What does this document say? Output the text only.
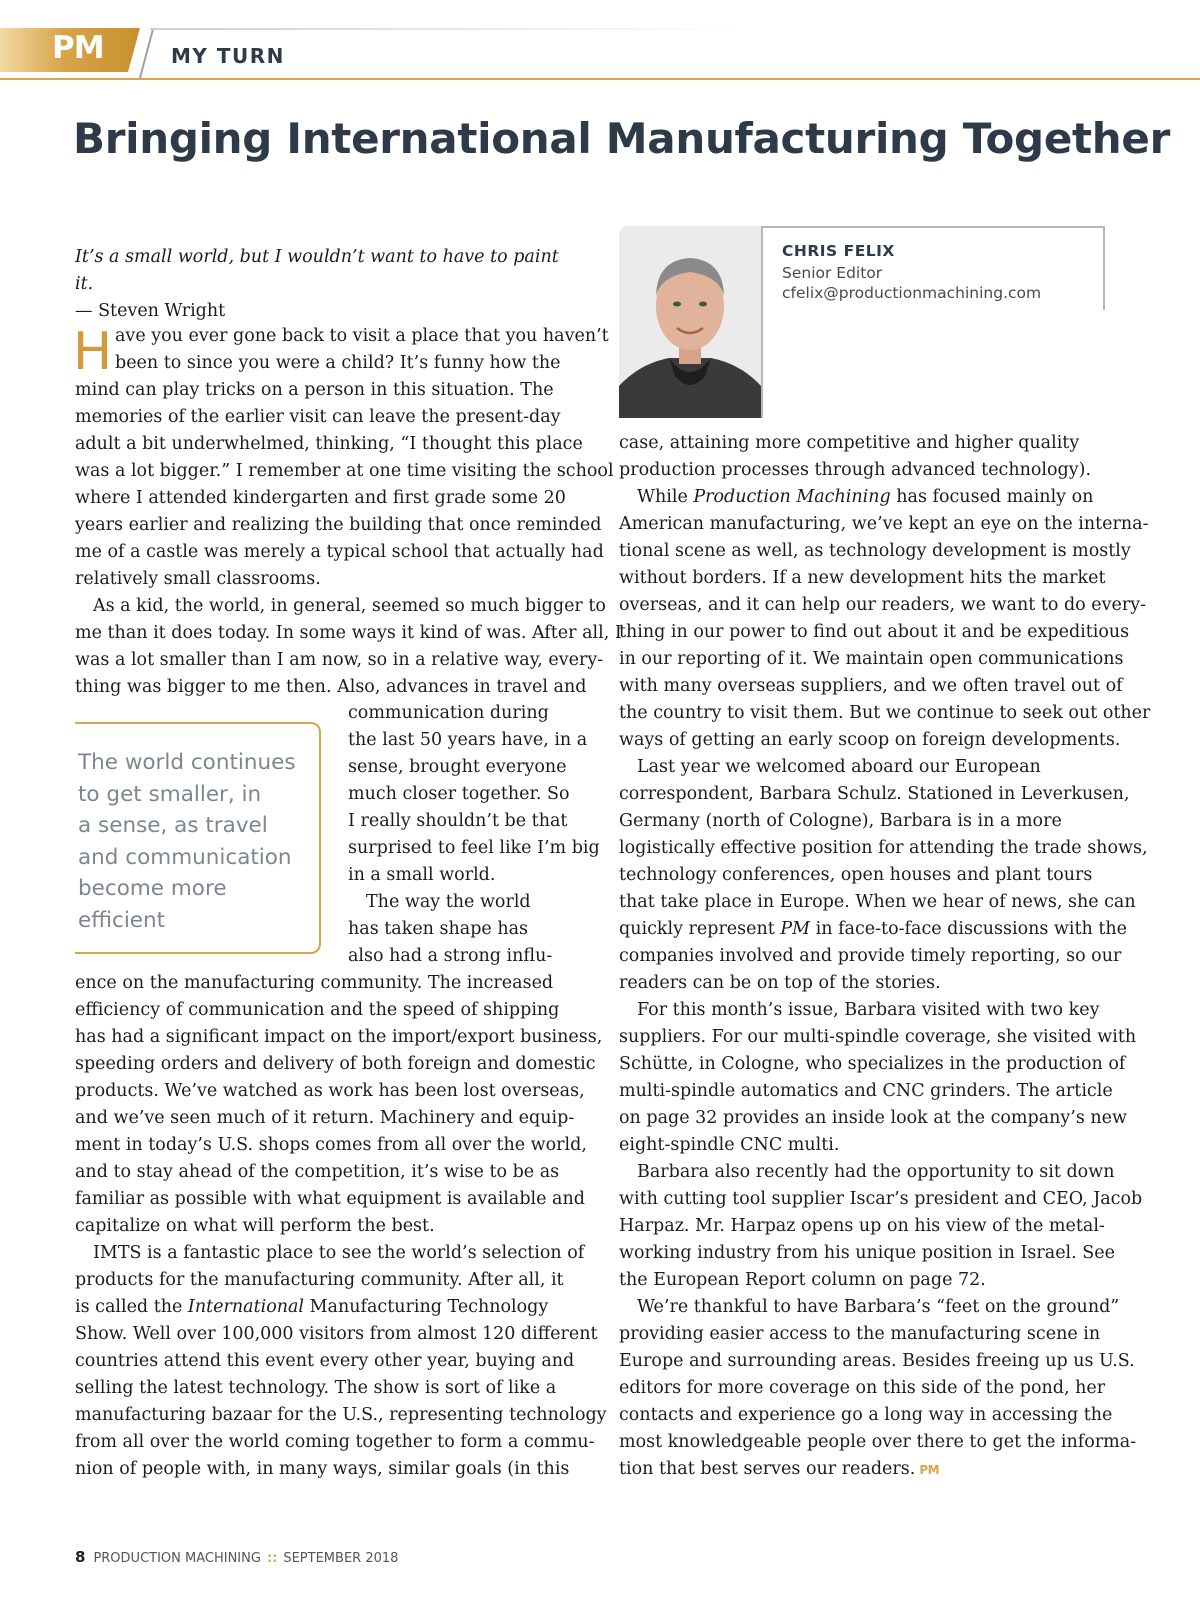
PM	MY TURN
Bringing International Manufacturing Together
It’s a small world, but I wouldn’t want to have to paint it.
— Steven Wright
H ave you ever gone back to visit a place that you haven’t

been to since you were a child? It’s funny how the

mind can play tricks on a person in this situation. The

memories of the earlier visit can leave the present-day

adult a bit underwhelmed, thinking, “I thought this place

was a lot bigger.” I remember at one time visiting the school

where I attended kindergarten and first grade some 20

years earlier and realizing the building that once reminded

me of a castle was merely a typical school that actually had

relatively small classrooms.

As a kid, the world, in general, seemed so much bigger to

me than it does today. In some ways it kind of was. After all, I

was a lot smaller than I am now, so in a relative way, every-

thing was bigger to me then. Also, advances in travel and

The world continues
to get smaller, in
a sense, as travel
and communication
become more
efficient

communication during

the last 50 years have, in a

sense, brought everyone

much closer together. So

I really shouldn’t be that

surprised to feel like I’m big

in a small world.

The way the world

has taken shape has

also had a strong influ-

ence on the manufacturing community. The increased

efficiency of communication and the speed of shipping

has had a significant impact on the import/export business,

speeding orders and delivery of both foreign and domestic

products. We’ve watched as work has been lost overseas,

and we’ve seen much of it return. Machinery and equip-

ment in today’s U.S. shops comes from all over the world,

and to stay ahead of the competition, it’s wise to be as

familiar as possible with what equipment is available and

capitalize on what will perform the best.

IMTS is a fantastic place to see the world’s selection of

products for the manufacturing community. After all, it

is called the International Manufacturing Technology

Show. Well over 100,000 visitors from almost 120 different

countries attend this event every other year, buying and

selling the latest technology. The show is sort of like a

manufacturing bazaar for the U.S., representing technology

from all over the world coming together to form a commu-

nion of people with, in many ways, similar goals (in this

CHRIS FELIX
Senior Editor
cfelix@productionmachining.com

case, attaining more competitive and higher quality

production processes through advanced technology).

While Production Machining has focused mainly on

American manufacturing, we’ve kept an eye on the interna-

tional scene as well, as technology development is mostly

without borders. If a new development hits the market

overseas, and it can help our readers, we want to do every-

thing in our power to find out about it and be expeditious

in our reporting of it. We maintain open communications

with many overseas suppliers, and we often travel out of

the country to visit them. But we continue to seek out other

ways of getting an early scoop on foreign developments.

Last year we welcomed aboard our European

correspondent, Barbara Schulz. Stationed in Leverkusen,

Germany (north of Cologne), Barbara is in a more

logistically effective position for attending the trade shows,

technology conferences, open houses and plant tours

that take place in Europe. When we hear of news, she can

quickly represent PM in face-to-face discussions with the

companies involved and provide timely reporting, so our

readers can be on top of the stories.

For this month’s issue, Barbara visited with two key

suppliers. For our multi-spindle coverage, she visited with

Schütte, in Cologne, who specializes in the production of

multi-spindle automatics and CNC grinders. The article

on page 32 provides an inside look at the company’s new

eight-spindle CNC multi.

Barbara also recently had the opportunity to sit down

with cutting tool supplier Iscar’s president and CEO, Jacob

Harpaz. Mr. Harpaz opens up on his view of the metal-

working industry from his unique position in Israel. See

the European Report column on page 72.

We’re thankful to have Barbara’s “feet on the ground”

providing easier access to the manufacturing scene in

Europe and surrounding areas. Besides freeing up us U.S.

editors for more coverage on this side of the pond, her

contacts and experience go a long way in accessing the

most knowledgeable people over there to get the informa-

tion that best serves our readers. PM

8 PRODUCTION MACHINING :: SEPTEMBER 2018
